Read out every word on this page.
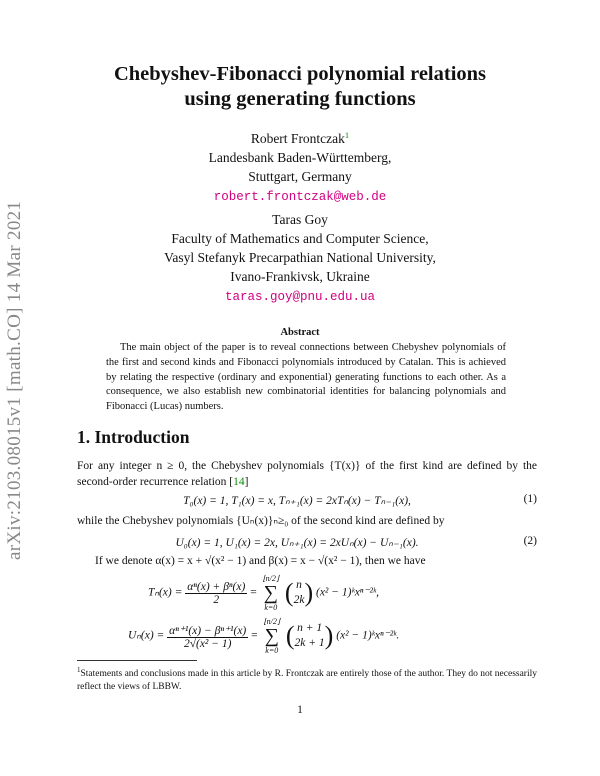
arXiv:2103.08015v1 [math.CO] 14 Mar 2021
Chebyshev-Fibonacci polynomial relations
using generating functions
Robert Frontczak$^1$
Landesbank Baden-Württemberg,
Stuttgart, Germany
robert.frontczak@web.de
Taras Goy
Faculty of Mathematics and Computer Science,
Vasyl Stefanyk Precarpathian National University,
Ivano-Frankivsk, Ukraine
taras.goy@pnu.edu.ua
Abstract
The main object of the paper is to reveal connections between Chebyshev polynomials of the first and second kinds and Fibonacci polynomials introduced by Catalan. This is achieved by relating the respective (ordinary and exponential) generating functions to each other. As a consequence, we also establish new combinatorial identities for balancing polynomials and Fibonacci (Lucas) numbers.
1. Introduction
For any integer n ≥ 0, the Chebyshev polynomials {T(x)} of the first kind are defined by the second-order recurrence relation [14]
T₀(x) = 1, T₁(x) = x, Tₙ₊₁(x) = 2xTₙ(x) − Tₙ₋₁(x),	(1)
while the Chebyshev polynomials {Uₙ(x)}ₙ≥₀ of the second kind are defined by
U₀(x) = 1, U₁(x) = 2x, Uₙ₊₁(x) = 2xUₙ(x) − Uₙ₋₁(x).	(2)
If we denote α(x) = x + √(x² − 1) and β(x) = x − √(x² − 1), then we have
$T_n(x) = \frac{\text{αⁿ(x) + βⁿ(x)}}{2}$ =
⌊n/2⌋
∑
k=0
( n
2k ) (x² − 1)ᵏxⁿ⁻²ᵏ,
$U_n(x) = \frac{\text{αⁿ⁺¹(x) − βⁿ⁺¹(x)}}{\text{2√(x² − 1)}}$ =
⌊n/2⌋
∑
k=0
( n + 1
2k + 1 ) (x² − 1)ᵏxⁿ⁻²ᵏ.
$^1$Statements and conclusions made in this article by R. Frontczak are entirely those of the author. They do not necessarily reflect the views of LBBW.
1
